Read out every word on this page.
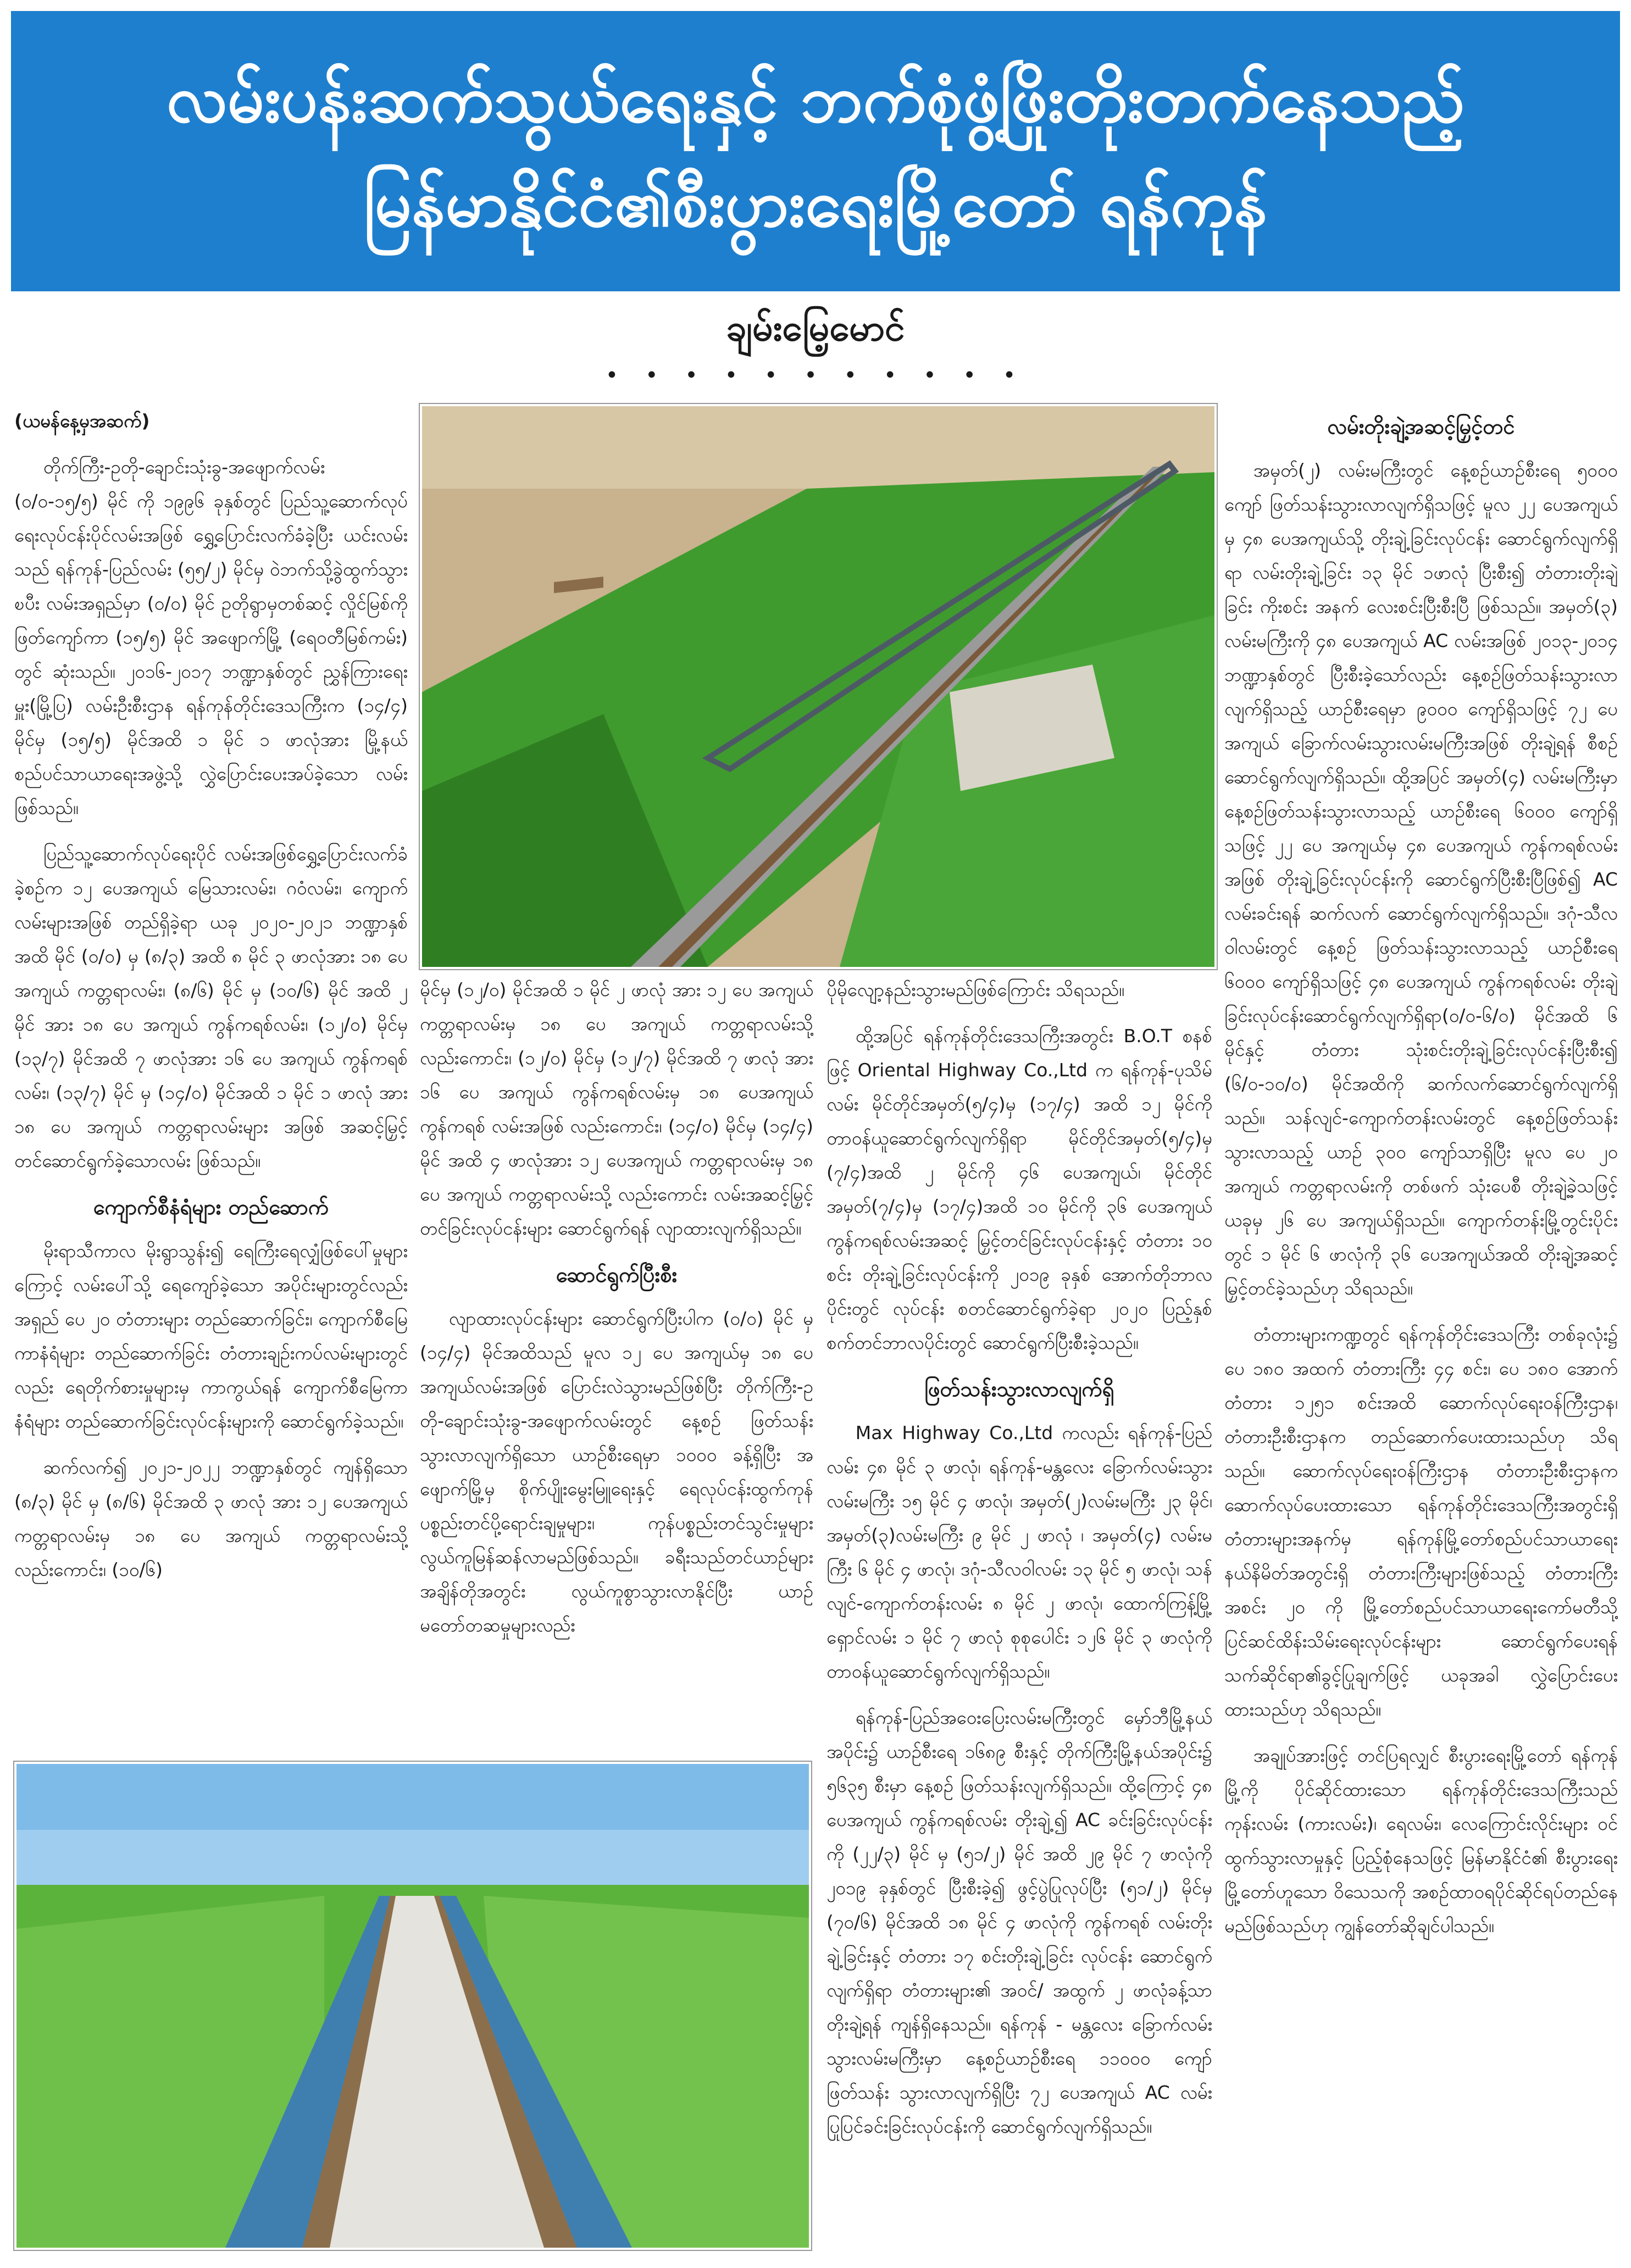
လမ်းပန်းဆက်သွယ်ရေးနှင့် ဘက်စုံဖွံ့ဖြိုးတိုးတက်နေသည့်
မြန်မာနိုင်ငံ၏စီးပွားရေးမြို့တော် ရန်ကုန်
ချမ်းမြေ့မောင်
• • • • • • • • • • •

(ယမန်နေ့မှအဆက်)

တိုက်ကြီး-ဥတို-ချောင်းသုံးခွ-အဖျောက်လမ်း (၀/၀-၁၅/၅) မိုင် ကို ၁၉၉၆ ခုနှစ်တွင် ပြည်သူ့ဆောက်လုပ်ရေးလုပ်ငန်းပိုင်လမ်းအဖြစ် ရွှေ့ပြောင်းလက်ခံခဲ့ပြီး ယင်းလမ်းသည် ရန်ကုန်-ပြည်လမ်း (၅၅/၂) မိုင်မှ ဝဲဘက်သို့ခွဲထွက်သွားၿပီး လမ်းအရှည်မှာ (၀/၀) မိုင် ဥတိုရွာမှတစ်ဆင့် လှိုင်မြစ်ကိုဖြတ်ကျော်ကာ (၁၅/၅) မိုင် အဖျောက်မြို့ (ရေဝတီမြစ်ကမ်း) တွင် ဆုံးသည်။ ၂၀၁၆-၂၀၁၇ ဘဏ္ဍာနှစ်တွင် ညွှန်ကြားရေးမှူး(မြို့ပြ) လမ်းဦးစီးဌာန ရန်ကုန်တိုင်းဒေသကြီးက (၁၄/၄) မိုင်မှ (၁၅/၅) မိုင်အထိ ၁ မိုင် ၁ ဖာလုံအား မြို့နယ်စည်ပင်သာယာရေးအဖွဲ့သို့ လွှဲပြောင်းပေးအပ်ခဲ့သော လမ်းဖြစ်သည်။

ပြည်သူ့ဆောက်လုပ်ရေးပိုင် လမ်းအဖြစ်ရွှေ့ပြောင်းလက်ခံခဲ့စဉ်က ၁၂ ပေအကျယ် မြေသားလမ်း၊ ဂဝံလမ်း၊ ကျောက်လမ်းများအဖြစ် တည်ရှိခဲ့ရာ ယခု ၂၀၂၀-၂၀၂၁ ဘဏ္ဍာနှစ်အထိ မိုင် (၀/၀) မှ (၈/၃) အထိ ၈ မိုင် ၃ ဖာလုံအား ၁၈ ပေ အကျယ် ကတ္တရာလမ်း၊ (၈/၆) မိုင် မှ (၁၀/၆) မိုင် အထိ ၂ မိုင် အား ၁၈ ပေ အကျယ် ကွန်ကရစ်လမ်း၊ (၁၂/၀) မိုင်မှ (၁၃/၇) မိုင်အထိ ၇ ဖာလုံအား ၁၆ ပေ အကျယ် ကွန်ကရစ်လမ်း၊ (၁၃/၇) မိုင် မှ (၁၄/၀) မိုင်အထိ ၁ မိုင် ၁ ဖာလုံ အား ၁၈ ပေ အကျယ် ကတ္တရာလမ်းများ အဖြစ် အဆင့်မြှင့်တင်ဆောင်ရွက်ခဲ့သောလမ်း ဖြစ်သည်။

ကျောက်စီနံရံများ တည်ဆောက်

မိုးရာသီကာလ မိုးရွာသွန်း၍ ရေကြီးရေလျှံဖြစ်ပေါ်မှုများကြောင့် လမ်းပေါ်သို့ ရေကျော်ခဲ့သော အပိုင်းများတွင်လည်း အရှည် ပေ ၂၀ တံတားများ တည်ဆောက်ခြင်း၊ ကျောက်စီမြေကာနံရံများ တည်ဆောက်ခြင်း တံတားချဉ်းကပ်လမ်းများတွင်လည်း ရေတိုက်စားမှုများမှ ကာကွယ်ရန် ကျောက်စီမြေကာနံရံများ တည်ဆောက်ခြင်းလုပ်ငန်းများကို ဆောင်ရွက်ခဲ့သည်။

ဆက်လက်၍ ၂၀၂၁-၂၀၂၂ ဘဏ္ဍာနှစ်တွင် ကျန်ရှိသော (၈/၃) မိုင် မှ (၈/၆) မိုင်အထိ ၃ ဖာလုံ အား ၁၂ ပေအကျယ် ကတ္တရာလမ်းမှ ၁၈ ပေ အကျယ် ကတ္တရာလမ်းသို့ လည်းကောင်း၊ (၁၀/၆)

မိုင်မှ (၁၂/၀) မိုင်အထိ ၁ မိုင် ၂ ဖာလုံ အား ၁၂ ပေ အကျယ် ကတ္တရာလမ်းမှ ၁၈ ပေ အကျယ် ကတ္တရာလမ်းသို့ လည်းကောင်း၊ (၁၂/၀) မိုင်မှ (၁၂/၇) မိုင်အထိ ၇ ဖာလုံ အား ၁၆ ပေ အကျယ် ကွန်ကရစ်လမ်းမှ ၁၈ ပေအကျယ် ကွန်ကရစ် လမ်းအဖြစ် လည်းကောင်း၊ (၁၄/၀) မိုင်မှ (၁၄/၄) မိုင် အထိ ၄ ဖာလုံအား ၁၂ ပေအကျယ် ကတ္တရာလမ်းမှ ၁၈ ပေ အကျယ် ကတ္တရာလမ်းသို့ လည်းကောင်း လမ်းအဆင့်မြှင့်တင်ခြင်းလုပ်ငန်းများ ဆောင်ရွက်ရန် လျာထားလျက်ရှိသည်။

ဆောင်ရွက်ပြီးစီး

လျာထားလုပ်ငန်းများ ဆောင်ရွက်ပြီးပါက (၀/၀) မိုင် မှ (၁၄/၄) မိုင်အထိသည် မူလ ၁၂ ပေ အကျယ်မှ ၁၈ ပေ အကျယ်လမ်းအဖြစ် ပြောင်းလဲသွားမည်ဖြစ်ပြီး တိုက်ကြီး-ဥတို-ချောင်းသုံးခွ-အဖျောက်လမ်းတွင် နေ့စဉ် ဖြတ်သန်းသွားလာလျက်ရှိသော ယာဉ်စီးရေမှာ ၁၀၀၀ ခန့်ရှိပြီး အဖျောက်မြို့မှ စိုက်ပျိုးမွေးမြူရေးနှင့် ရေလုပ်ငန်းထွက်ကုန်ပစ္စည်းတင်ပို့ရောင်းချမှုများ၊ ကုန်ပစ္စည်းတင်သွင်းမှုများ လွယ်ကူမြန်ဆန်လာမည်ဖြစ်သည်။ ခရီးသည်တင်ယာဉ်များ အချိန်တိုအတွင်း လွယ်ကူစွာသွားလာနိုင်ပြီး ယာဉ်မတော်တဆမှုများလည်း

ပိုမိုလျော့နည်းသွားမည်ဖြစ်ကြောင်း သိရသည်။

ထို့အပြင် ရန်ကုန်တိုင်းဒေသကြီးအတွင်း B.O.T စနစ်ဖြင့် Oriental Highway Co.,Ltd က ရန်ကုန်-ပုသိမ်လမ်း မိုင်တိုင်အမှတ်(၅/၄)မှ (၁၇/၄) အထိ ၁၂ မိုင်ကို တာဝန်ယူဆောင်ရွက်လျက်ရှိရာ မိုင်တိုင်အမှတ်(၅/၄)မှ (၇/၄)အထိ ၂ မိုင်ကို ၄၆ ပေအကျယ်၊ မိုင်တိုင်အမှတ်(၇/၄)မှ (၁၇/၄)အထိ ၁၀ မိုင်ကို ၃၆ ပေအကျယ် ကွန်ကရစ်လမ်းအဆင့် မြှင့်တင်ခြင်းလုပ်ငန်းနှင့် တံတား ၁၀ စင်း တိုးချဲ့ခြင်းလုပ်ငန်းကို ၂၀၁၉ ခုနှစ် အောက်တိုဘာလပိုင်းတွင် လုပ်ငန်း စတင်ဆောင်ရွက်ခဲ့ရာ ၂၀၂၀ ပြည့်နှစ် စက်တင်ဘာလပိုင်းတွင် ဆောင်ရွက်ပြီးစီးခဲ့သည်။

ဖြတ်သန်းသွားလာလျက်ရှိ

Max Highway Co.,Ltd ကလည်း ရန်ကုန်-ပြည်လမ်း ၄၈ မိုင် ၃ ဖာလုံ၊ ရန်ကုန်-မန္တလေး ခြောက်လမ်းသွား လမ်းမကြီး ၁၅ မိုင် ၄ ဖာလုံ၊ အမှတ်(၂)လမ်းမကြီး ၂၃ မိုင်၊ အမှတ်(၃)လမ်းမကြီး ၉ မိုင် ၂ ဖာလုံ ၊ အမှတ်(၄) လမ်းမကြီး ၆ မိုင် ၄ ဖာလုံ၊ ဒဂုံ-သီလဝါလမ်း ၁၃ မိုင် ၅ ဖာလုံ၊ သန်လျင်-ကျောက်တန်းလမ်း ၈ မိုင် ၂ ဖာလုံ၊ ထောက်ကြန့်မြို့ရှောင်လမ်း ၁ မိုင် ၇ ဖာလုံ စုစုပေါင်း ၁၂၆ မိုင် ၃ ဖာလုံကို တာဝန်ယူဆောင်ရွက်လျက်ရှိသည်။

ရန်ကုန်-ပြည်အဝေးပြေးလမ်းမကြီးတွင် မှော်ဘီမြို့နယ်အပိုင်း၌ ယာဉ်စီးရေ ၁၆၈၉ စီးနှင့် တိုက်ကြီးမြို့နယ်အပိုင်း၌ ၅၆၃၅ စီးမှာ နေ့စဉ် ဖြတ်သန်းလျက်ရှိသည်။ ထို့ကြောင့် ၄၈ ပေအကျယ် ကွန်ကရစ်လမ်း တိုးချဲ့၍ AC ခင်းခြင်းလုပ်ငန်းကို (၂၂/၃) မိုင် မှ (၅၁/၂) မိုင် အထိ ၂၉ မိုင် ၇ ဖာလုံကို ၂၀၁၉ ခုနှစ်တွင် ပြီးစီးခဲ့၍ ဖွင့်ပွဲပြုလုပ်ပြီး (၅၁/၂) မိုင်မှ (၇၀/၆) မိုင်အထိ ၁၈ မိုင် ၄ ဖာလုံကို ကွန်ကရစ် လမ်းတိုးချဲ့ခြင်းနှင့် တံတား ၁၇ စင်းတိုးချဲ့ခြင်း လုပ်ငန်း ဆောင်ရွက်လျက်ရှိရာ တံတားများ၏ အဝင်/ အထွက် ၂ ဖာလုံခန့်သာ တိုးချဲ့ရန် ကျန်ရှိနေသည်။ ရန်ကုန် - မန္တလေး ခြောက်လမ်းသွားလမ်းမကြီးမှာ နေ့စဉ်ယာဉ်စီးရေ ၁၁၀၀၀ ကျော် ဖြတ်သန်း သွားလာလျက်ရှိပြီး ၇၂ ပေအကျယ် AC လမ်းပြုပြင်ခင်းခြင်းလုပ်ငန်းကို ဆောင်ရွက်လျက်ရှိသည်။

လမ်းတိုးချဲ့အဆင့်မြှင့်တင်

အမှတ်(၂) လမ်းမကြီးတွင် နေ့စဉ်ယာဉ်စီးရေ ၅၀၀၀ ကျော် ဖြတ်သန်းသွားလာလျက်ရှိသဖြင့် မူလ ၂၂ ပေအကျယ်မှ ၄၈ ပေအကျယ်သို့ တိုးချဲ့ခြင်းလုပ်ငန်း ဆောင်ရွက်လျက်ရှိရာ လမ်းတိုးချဲ့ခြင်း ၁၃ မိုင် ၁ဖာလုံ ပြီးစီး၍ တံတားတိုးချဲ့ခြင်း ကိုးစင်း အနက် လေးစင်းပြီးစီးပြီ ဖြစ်သည်။ အမှတ်(၃) လမ်းမကြီးကို ၄၈ ပေအကျယ် AC လမ်းအဖြစ် ၂၀၁၃-၂၀၁၄ ဘဏ္ဍာနှစ်တွင် ပြီးစီးခဲ့သော်လည်း နေ့စဉ်ဖြတ်သန်းသွားလာလျက်ရှိသည့် ယာဉ်စီးရေမှာ ၉၀၀၀ ကျော်ရှိသဖြင့် ၇၂ ပေအကျယ် ခြောက်လမ်းသွားလမ်းမကြီးအဖြစ် တိုးချဲ့ရန် စီစဉ်ဆောင်ရွက်လျက်ရှိသည်။ ထို့အပြင် အမှတ်(၄) လမ်းမကြီးမှာ နေ့စဉ်ဖြတ်သန်းသွားလာသည့် ယာဉ်စီးရေ ၆၀၀၀ ကျော်ရှိသဖြင့် ၂၂ ပေ အကျယ်မှ ၄၈ ပေအကျယ် ကွန်ကရစ်လမ်းအဖြစ် တိုးချဲ့ခြင်းလုပ်ငန်းကို ဆောင်ရွက်ပြီးစီးပြီဖြစ်၍ AC လမ်းခင်းရန် ဆက်လက် ဆောင်ရွက်လျက်ရှိသည်။ ဒဂုံ-သီလဝါလမ်းတွင် နေ့စဉ် ဖြတ်သန်းသွားလာသည့် ယာဉ်စီးရေ ၆၀၀၀ ကျော်ရှိသဖြင့် ၄၈ ပေအကျယ် ကွန်ကရစ်လမ်း တိုးချဲ့ခြင်းလုပ်ငန်းဆောင်ရွက်လျက်ရှိရာ(၀/၀-၆/၀) မိုင်အထိ ၆ မိုင်နှင့် တံတား သုံးစင်းတိုးချဲ့ခြင်းလုပ်ငန်းပြီးစီး၍ (၆/၀-၁၀/၀) မိုင်အထိကို ဆက်လက်ဆောင်ရွက်လျက်ရှိသည်။ သန်လျင်-ကျောက်တန်းလမ်းတွင် နေ့စဉ်ဖြတ်သန်းသွားလာသည့် ယာဉ် ၃၀၀ ကျော်သာရှိပြီး မူလ ပေ ၂၀ အကျယ် ကတ္တရာလမ်းကို တစ်ဖက် သုံးပေစီ တိုးချဲ့ခဲ့သဖြင့် ယခုမှ ၂၆ ပေ အကျယ်ရှိသည်။ ကျောက်တန်းမြို့တွင်းပိုင်းတွင် ၁ မိုင် ၆ ဖာလုံကို ၃၆ ပေအကျယ်အထိ တိုးချဲ့အဆင့်မြှင့်တင်ခဲ့သည်ဟု သိရသည်။

တံတားများကဏ္ဍတွင် ရန်ကုန်တိုင်းဒေသကြီး တစ်ခုလုံး၌ ပေ ၁၈၀ အထက် တံတားကြီး ၄၄ စင်း၊ ပေ ၁၈၀ အောက် တံတား ၁၂၅၁ စင်းအထိ ဆောက်လုပ်ရေးဝန်ကြီးဌာန၊ တံတားဦးစီးဌာနက တည်ဆောက်ပေးထားသည်ဟု သိရသည်။ ဆောက်လုပ်ရေးဝန်ကြီးဌာန တံတားဦးစီးဌာနက ဆောက်လုပ်ပေးထားသော ရန်ကုန်တိုင်းဒေသကြီးအတွင်းရှိ တံတားများအနက်မှ ရန်ကုန်မြို့တော်စည်ပင်သာယာရေးနယ်နိမိတ်အတွင်းရှိ တံတားကြီးများဖြစ်သည့် တံတားကြီးအစင်း ၂၀ ကို မြို့တော်စည်ပင်သာယာရေးကော်မတီသို့ ပြင်ဆင်ထိန်းသိမ်းရေးလုပ်ငန်းများ ဆောင်ရွက်ပေးရန် သက်ဆိုင်ရာ၏ခွင့်ပြုချက်ဖြင့် ယခုအခါ လွှဲပြောင်းပေးထားသည်ဟု သိရသည်။

အချုပ်အားဖြင့် တင်ပြရလျှင် စီးပွားရေးမြို့တော် ရန်ကုန်မြို့ကို ပိုင်ဆိုင်ထားသော ရန်ကုန်တိုင်းဒေသကြီးသည် ကုန်းလမ်း (ကားလမ်း)၊ ရေလမ်း၊ လေကြောင်းလိုင်းများ ဝင်ထွက်သွားလာမှုနှင့် ပြည့်စုံနေသဖြင့် မြန်မာနိုင်ငံ၏ စီးပွားရေးမြို့တော်ဟူသော ဝိသေသကို အစဉ်ထာဝရပိုင်ဆိုင်ရပ်တည်နေမည်ဖြစ်သည်ဟု ကျွန်တော်ဆိုချင်ပါသည်။
